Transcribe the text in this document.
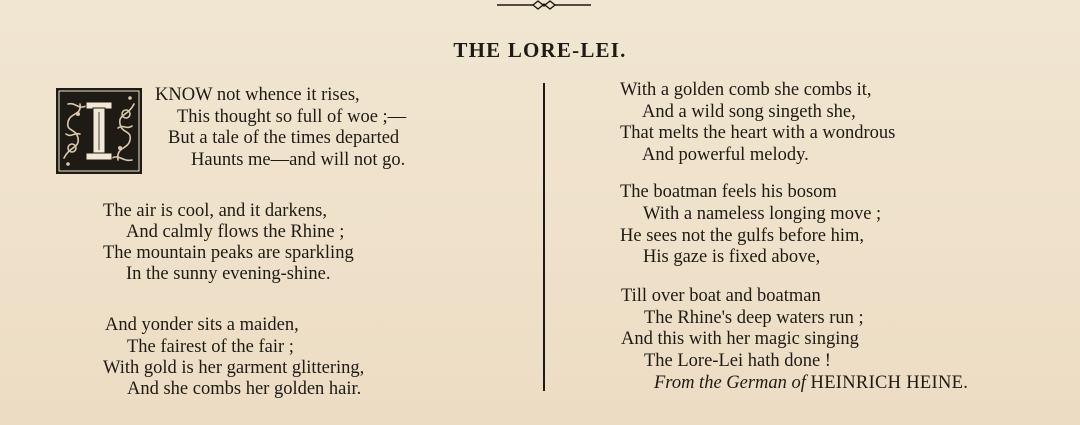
THE LORE-LEI.
I
KNOW not whence it rises,
This thought so full of woe ;—
But a tale of the times departed
Haunts me—and will not go.
The air is cool, and it darkens,
And calmly flows the Rhine ;
The mountain peaks are sparkling
In the sunny evening-shine.
And yonder sits a maiden,
The fairest of the fair ;
With gold is her garment glittering,
And she combs her golden hair.
With a golden comb she combs it,
And a wild song singeth she,
That melts the heart with a wondrous
And powerful melody.
The boatman feels his bosom
With a nameless longing move ;
He sees not the gulfs before him,
His gaze is fixed above,
Till over boat and boatman
The Rhine's deep waters run ;
And this with her magic singing
The Lore-Lei hath done !
From the German of HEINRICH HEINE.
